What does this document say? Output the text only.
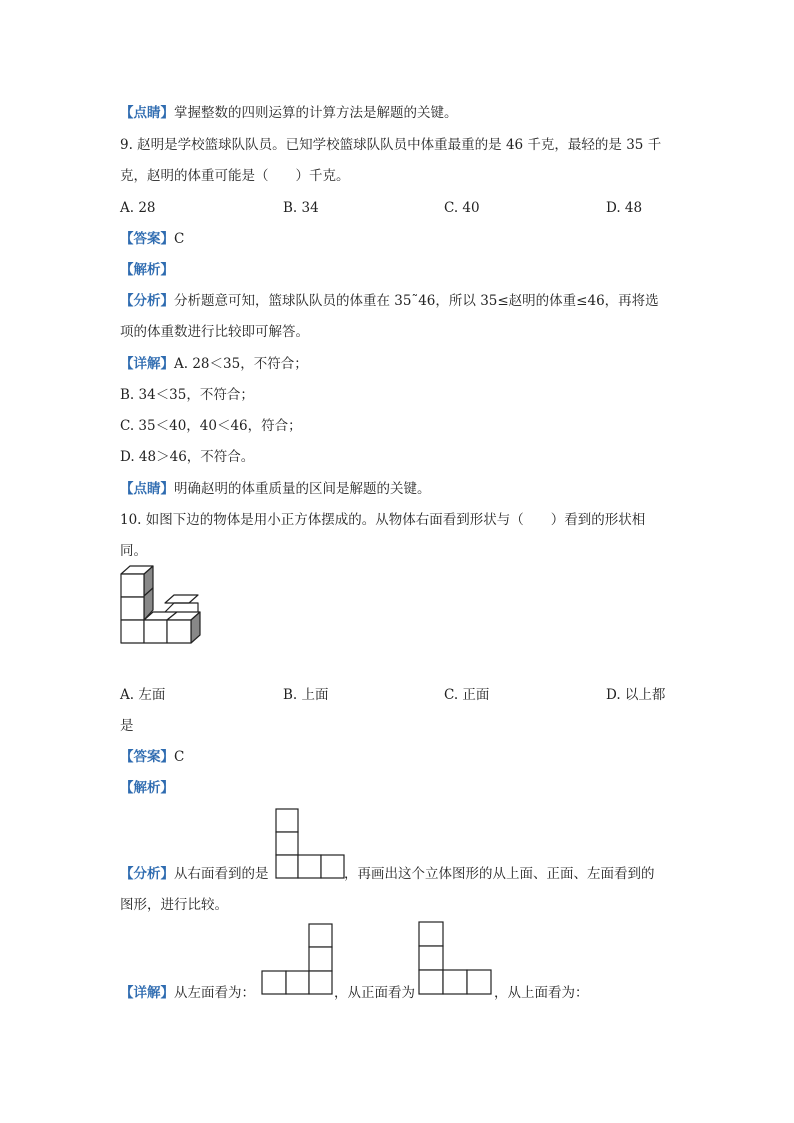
【点睛】掌握整数的四则运算的计算方法是解题的关键。
9. 赵明是学校篮球队队员。已知学校篮球队队员中体重最重的是 46 千克，最轻的是 35 千
克，赵明的体重可能是（　　）千克。
A. 28	B. 34	C. 40	D. 48
【答案】C
【解析】
【分析】分析题意可知，篮球队队员的体重在 35˜46，所以 35≤赵明的体重≤46，再将选
项的体重数进行比较即可解答。
【详解】A. 28＜35，不符合；
B. 34＜35，不符合；
C. 35＜40，40＜46，符合；
D. 48＞46，不符合。
【点睛】明确赵明的体重质量的区间是解题的关键。
10. 如图下边的物体是用小正方体摆成的。从物体右面看到形状与（　　）看到的形状相
同。
A. 左面	B. 上面	C. 正面	D. 以上都
是
【答案】C
【解析】
【分析】从右面看到的是	，再画出这个立体图形的从上面、正面、左面看到的
图形，进行比较。
【详解】从左面看为：	，从正面看为	，从上面看为：
